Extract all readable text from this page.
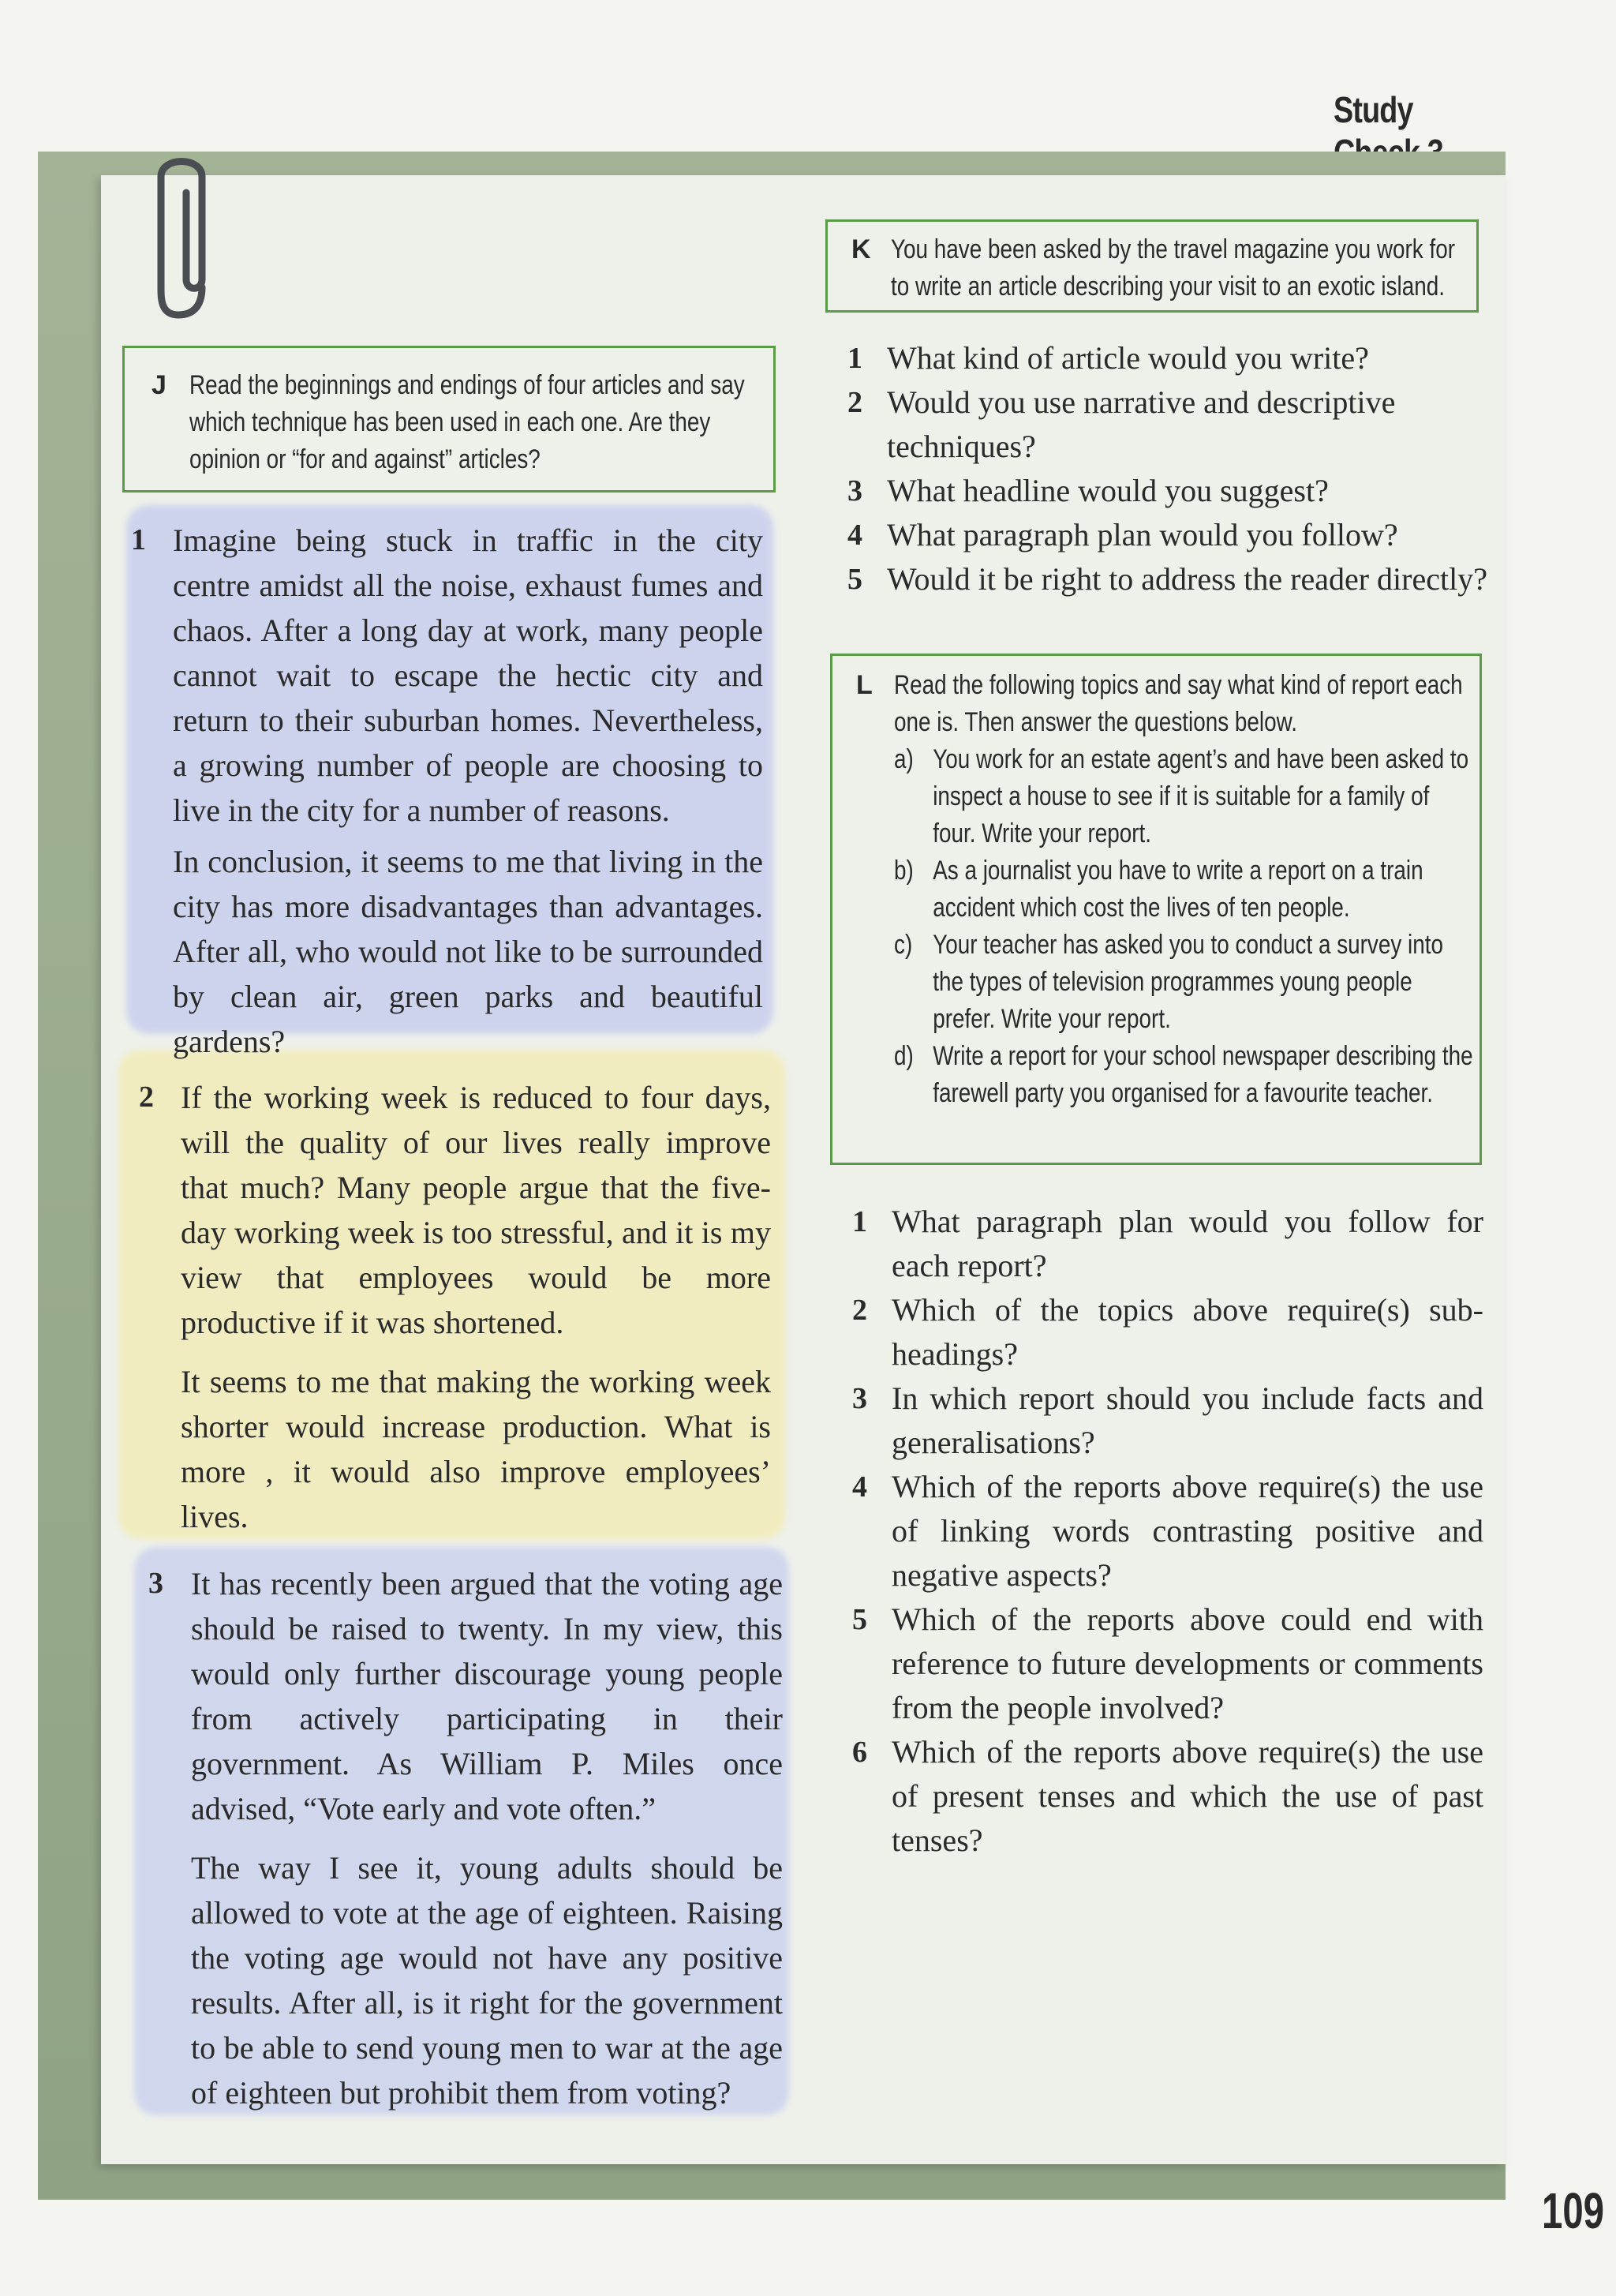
Study
J Read the beginnings and endings of four articles and say which technique has been used in each one. Are they opinion or “for and against” articles?
1 Imagine being stuck in traffic in the city centre amidst all the noise, exhaust fumes and chaos. After a long day at work, many people cannot wait to escape the hectic city and return to their suburban homes. Nevertheless, a growing number of people are choosing to live in the city for a number of reasons.

In conclusion, it seems to me that living in the city has more disadvantages than advantages. After all, who would not like to be surrounded by clean air, green parks and beautiful gardens?

2 If the working week is reduced to four days, will the quality of our lives really improve that much? Many people argue that the five-day working week is too stressful, and it is my view that employees would be more productive if it was shortened.

It seems to me that making the working week shorter would increase production. What is more , it would also improve employees’ lives.

3 It has recently been argued that the voting age should be raised to twenty. In my view, this would only further discourage young people from actively participating in their government. As William P. Miles once advised, “Vote early and vote often.”

The way I see it, young adults should be allowed to vote at the age of eighteen. Raising the voting age would not have any positive results. After all, is it right for the government to be able to send young men to war at the age of eighteen but prohibit them from voting?

K You have been asked by the travel magazine you work for to write an article describing your visit to an exotic island.
1 What kind of article would you write?
2 Would you use narrative and descriptive techniques?
3 What headline would you suggest?
4 What paragraph plan would you follow?
5 Would it be right to address the reader directly?
L Read the following topics and say what kind of report each one is. Then answer the questions below.
a) You work for an estate agent’s and have been asked to inspect a house to see if it is suitable for a family of four. Write your report.
b) As a journalist you have to write a report on a train accident which cost the lives of ten people.
c) Your teacher has asked you to conduct a survey into the types of television programmes young people prefer. Write your report.
d) Write a report for your school newspaper describing the farewell party you organised for a favourite teacher.
1 What paragraph plan would you follow for each report?
2 Which of the topics above require(s) sub-headings?
3 In which report should you include facts and generalisations?
4 Which of the reports above require(s) the use of linking words contrasting positive and negative aspects?
5 Which of the reports above could end with reference to future developments or comments from the people involved?
6 Which of the reports above require(s) the use of present tenses and which the use of past tenses?
109
